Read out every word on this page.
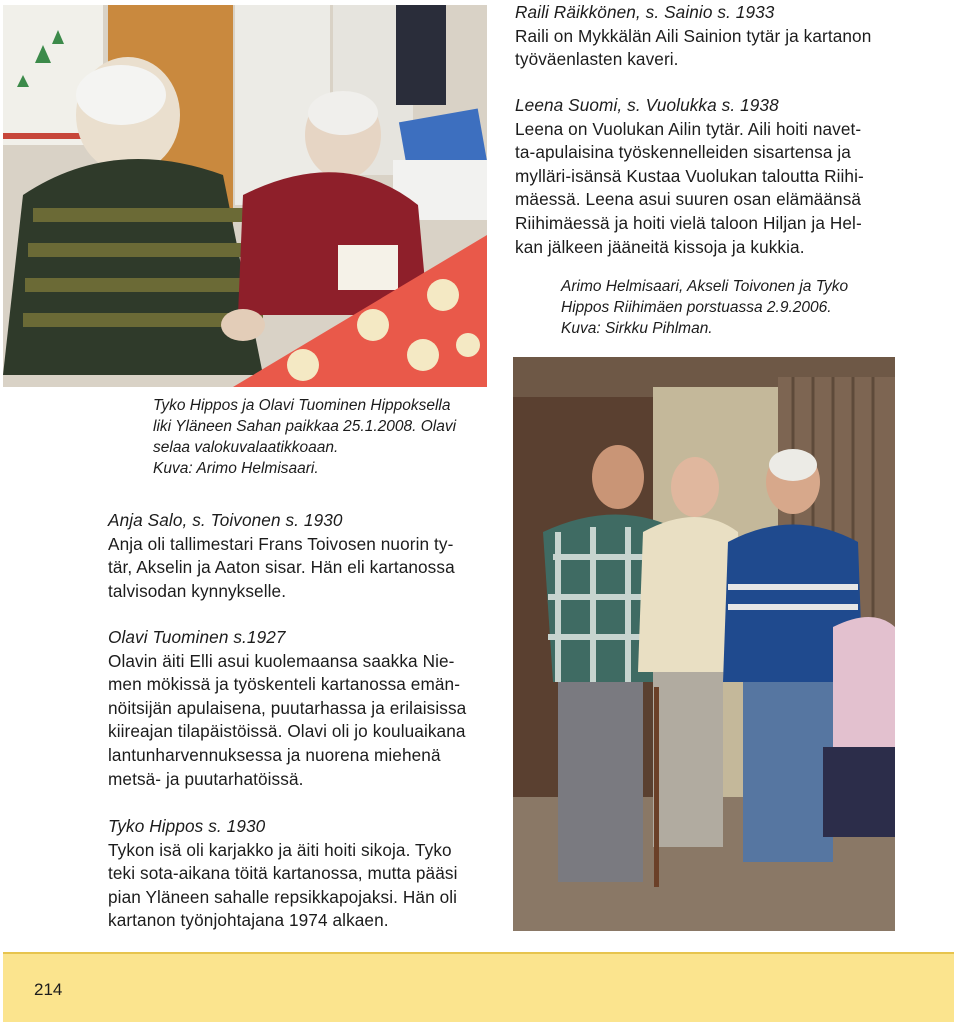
Raili Räikkönen, s. Sainio s. 1933
Raili on Mykkälän Aili Sainion tytär ja kartanon
työväenlasten kaveri.
Leena Suomi, s. Vuolukka s. 1938
Leena on Vuolukan Ailin tytär. Aili hoiti navet-
ta-apulaisina työskennelleiden sisartensa ja
mylläri-isänsä Kustaa Vuolukan taloutta Riihi-
mäessä. Leena asui suuren osan elämäänsä
Riihimäessä ja hoiti vielä taloon Hiljan ja Hel-
kan jälkeen jääneitä kissoja ja kukkia.
Arimo Helmisaari, Akseli Toivonen ja Tyko
Hippos Riihimäen porstuassa 2.9.2006.
Kuva: Sirkku Pihlman.
Tyko Hippos ja Olavi Tuominen Hippoksella
liki Yläneen Sahan paikkaa 25.1.2008. Olavi
selaa valokuvalaatikkoaan.
Kuva: Arimo Helmisaari.
Anja Salo, s. Toivonen s. 1930
Anja oli tallimestari Frans Toivosen nuorin ty-
tär, Akselin ja Aaton sisar. Hän eli kartanossa
talvisodan kynnykselle.
Olavi Tuominen s.1927
Olavin äiti Elli asui kuolemaansa saakka Nie-
men mökissä ja työskenteli kartanossa emän-
nöitsijän apulaisena, puutarhassa ja erilaisissa
kiireajan tilapäistöissä. Olavi oli jo kouluaikana
lantunharvennuksessa ja nuorena miehenä
metsä- ja puutarhatöissä.
Tyko Hippos s. 1930
Tykon isä oli karjakko ja äiti hoiti sikoja. Tyko
teki sota-aikana töitä kartanossa, mutta pääsi
pian Yläneen sahalle repsikkapojaksi. Hän oli
kartanon työnjohtajana 1974 alkaen.
214
